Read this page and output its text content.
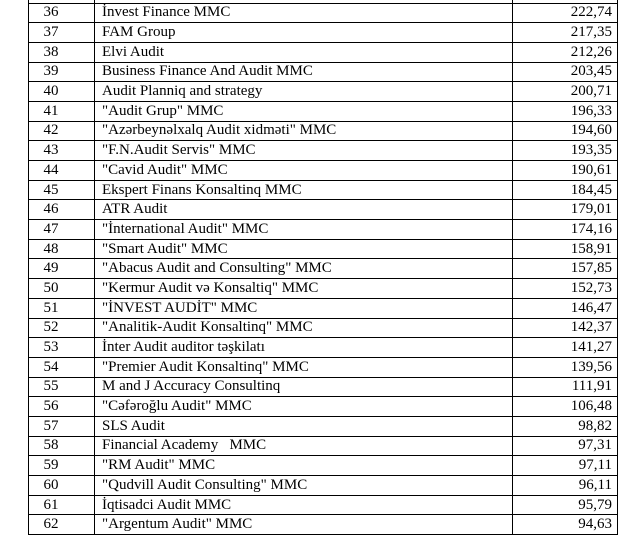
36	İnvest Finance MMC	222,74
37	FAM Group	217,35
38	Elvi Audit	212,26
39	Business Finance And Audit MMC	203,45
40	Audit Planniq and strategy	200,71
41	"Audit Grup" MMC	196,33
42	"Azərbeynəlxalq Audit xidməti" MMC	194,60
43	"F.N.Audit Servis" MMC	193,35
44	"Cavid Audit" MMC	190,61
45	Ekspert Finans Konsaltinq MMC	184,45
46	ATR Audit	179,01
47	"İnternational Audit" MMC	174,16
48	"Smart Audit" MMC	158,91
49	"Abacus Audit and Consulting" MMC	157,85
50	"Kermur Audit və Konsaltiq" MMC	152,73
51	"İNVEST AUDİT" MMC	146,47
52	"Analitik-Audit Konsaltinq" MMC	142,37
53	İnter Audit auditor təşkilatı	141,27
54	"Premier Audit Konsaltinq" MMC	139,56
55	M and J Accuracy Consultinq	111,91
56	"Cəfəroğlu Audit" MMC	106,48
57	SLS Audit	98,82
58	Financial Academy   MMC	97,31
59	"RM Audit" MMC	97,11
60	"Qudvill Audit Consulting" MMC	96,11
61	İqtisadci Audit MMC	95,79
62	"Argentum Audit" MMC	94,63
